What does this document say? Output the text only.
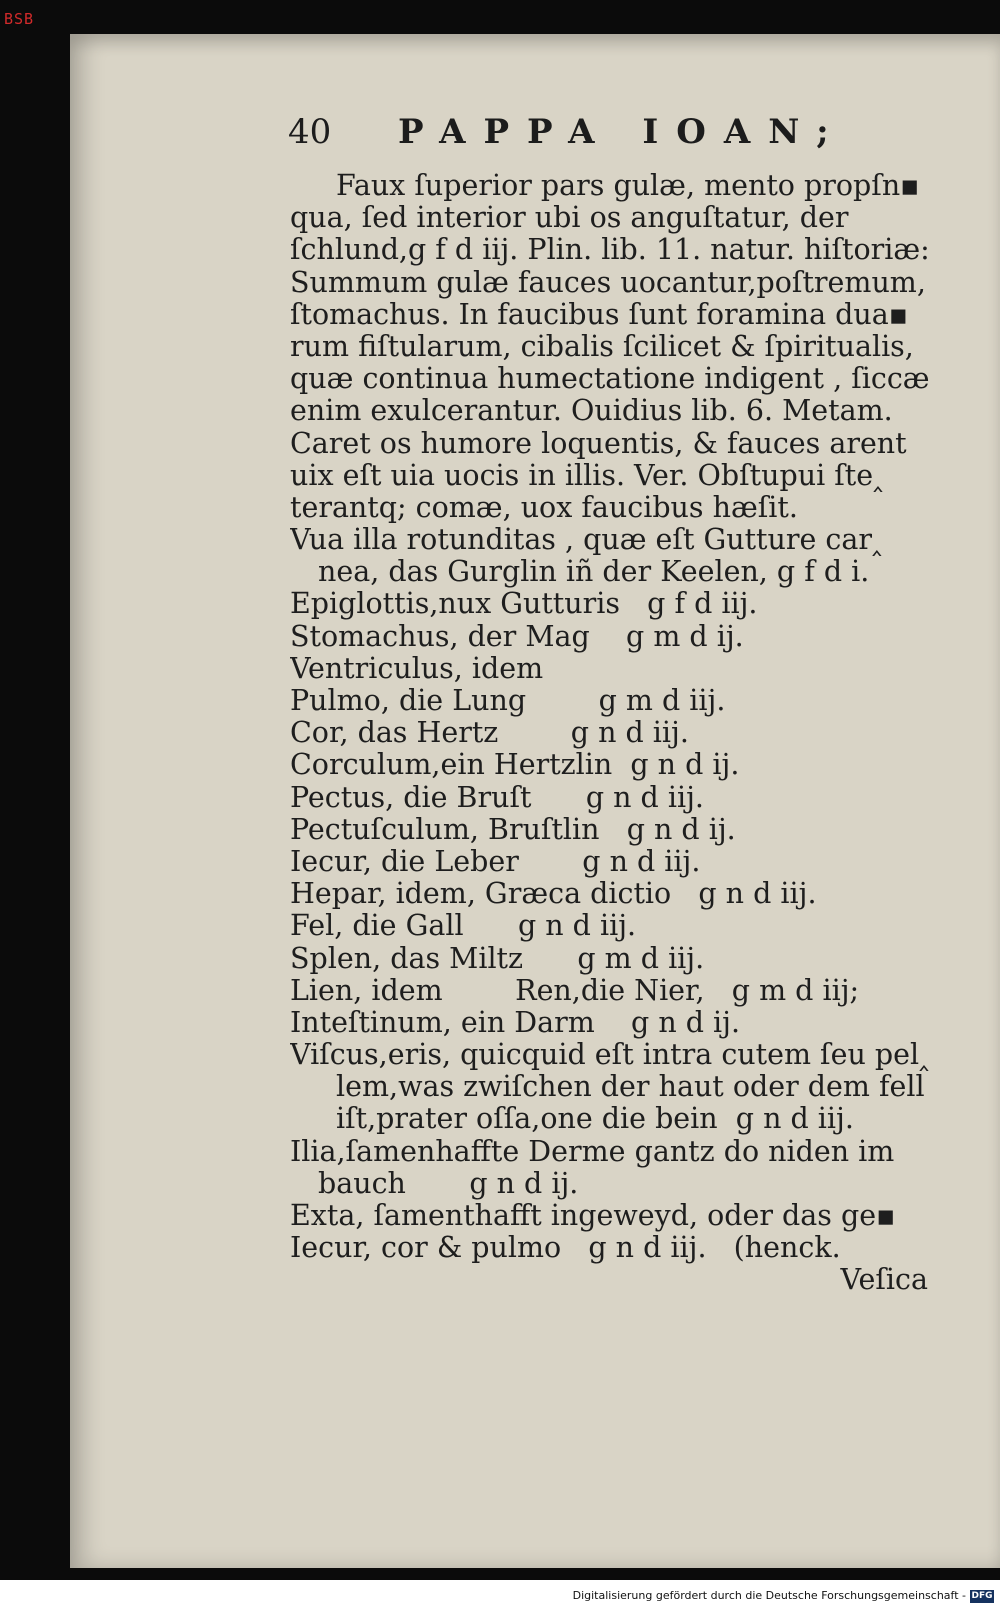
BSB
40	PAPPA IOAN;
Faux ſuperior pars gulæ, mento propſn▪
qua, ſed interior ubi os anguſtatur, der
ſchlund,g f d iij. Plin. lib. 11. natur. hiſtoriæ:
Summum gulæ fauces uocantur,poſtremum,
ſtomachus. In faucibus ſunt foramina dua▪
rum fiſtularum, cibalis ſcilicet & ſpiritualis,
quæ continua humectatione indigent , ſiccæ
enim exulcerantur. Ouidius lib. 6. Metam.
Caret os humore loquentis, & fauces arent
uix eſt uia uocis in illis. Ver. Obſtupui ſte‸
terantq; comæ, uox faucibus hæſit.
Vua illa rotunditas , quæ eſt Gutture car‸
nea, das Gurglin iñ der Keelen, g f d i.
Epiglottis,nux Gutturis   g f d iij.
Stomachus, der Mag    g m d ij.
Ventriculus, idem
Pulmo, die Lung        g m d iij.
Cor, das Hertz        g n d iij.
Corculum,ein Hertzlin  g n d ij.
Pectus, die Bruſt      g n d iij.
Pectuſculum, Bruſtlin   g n d ij.
Iecur, die Leber       g n d iij.
Hepar, idem, Græca dictio   g n d iij.
Fel, die Gall      g n d iij.
Splen, das Miltz      g m d iij.
Lien, idem        Ren,die Nier,   g m d iij;
Inteſtinum, ein Darm    g n d ij.
Viſcus,eris, quicquid eſt intra cutem ſeu pel‸
lem,was zwiſchen der haut oder dem fell
iſt,prater oſſa,one die bein  g n d iij.
Ilia,ſamenhaffte Derme gantz do niden im
bauch       g n d ij.
Exta, ſamenthafft ingeweyd, oder das ge▪
Iecur, cor & pulmo   g n d iij.   (henck.
Veſica
Digitalisierung gefördert durch die Deutsche Forschungsgemeinschaft - DFG
